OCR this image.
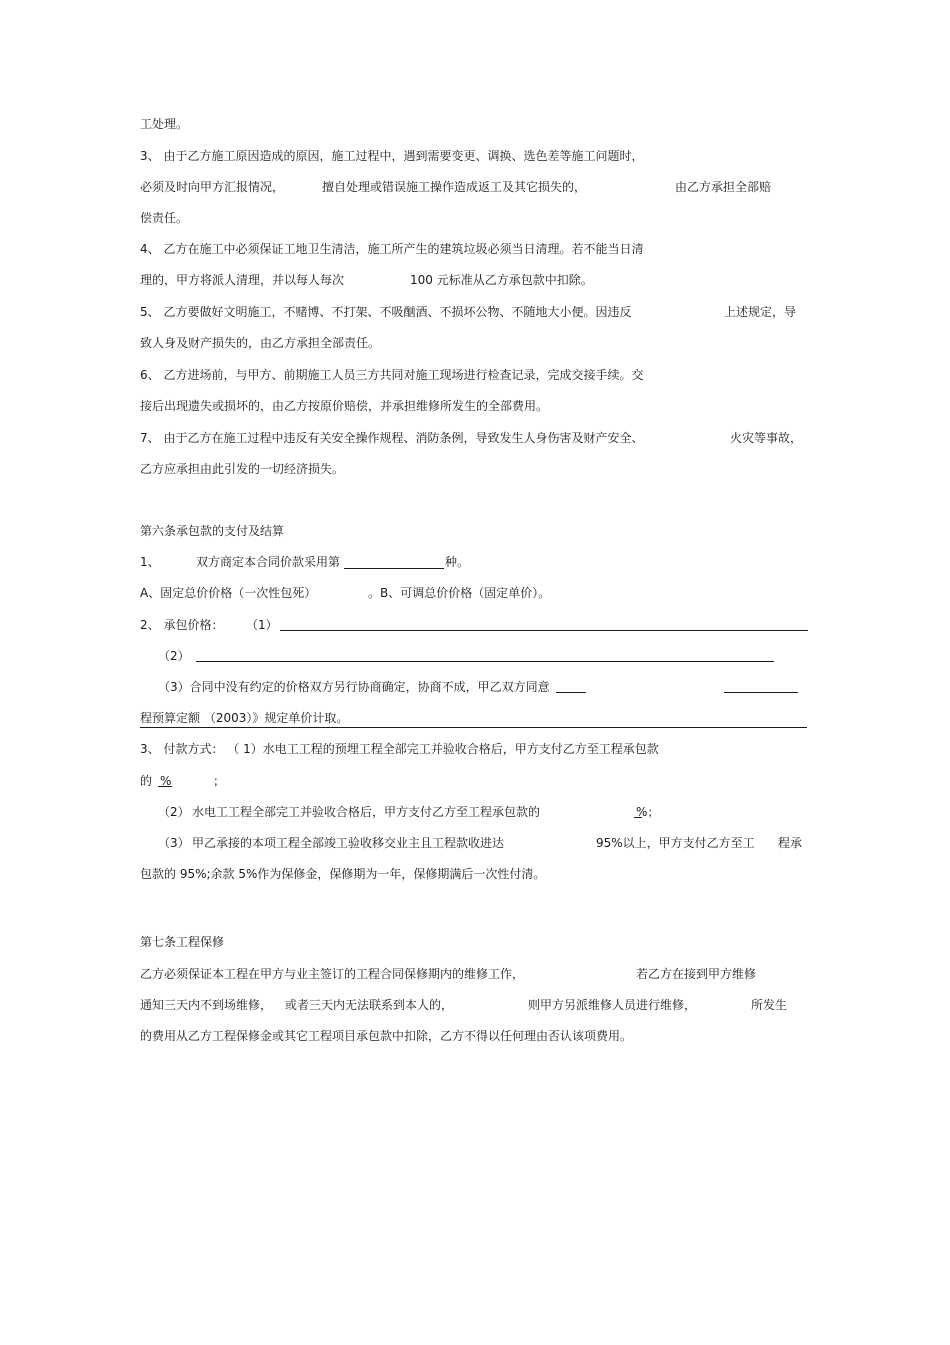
工处理。
3、 由于乙方施工原因造成的原因，施工过程中，遇到需要变更、调换、选色差等施工问题时，
必须及时向甲方汇报情况，	擅自处理或错误施工操作造成返工及其它损失的，	由乙方承担全部赔
偿责任。
4、 乙方在施工中必须保证工地卫生清洁，施工所产生的建筑垃圾必须当日清理。若不能当日清
理的，甲方将派人清理，并以每人每次	100 元标准从乙方承包款中扣除。
5、 乙方要做好文明施工，不赌博、不打架、不吸酗酒、不损坏公物、不随地大小便。因违反	上述规定，导
致人身及财产损失的，由乙方承担全部责任。
6、 乙方进场前，与甲方、前期施工人员三方共同对施工现场进行检查记录，完成交接手续。交
接后出现遗失或损坏的，由乙方按原价赔偿，并承担维修所发生的全部费用。
7、 由于乙方在施工过程中违反有关安全操作规程、消防条例，导致发生人身伤害及财产安全、	火灾等事故，
乙方应承担由此引发的一切经济损失。
第六条承包款的支付及结算
1、	双方商定本合同价款采用第	种。
A、固定总价价格（一次性包死）	。B、可调总价价格（固定单价）。
2、 承包价格： （1）
（2）
（3）合同中没有约定的价格双方另行协商确定，协商不成，甲乙双方同意
程预算定额 （2003）》规定单价计取。
3、 付款方式： （ 1）水电工工程的预埋工程全部完工并验收合格后，甲方支付乙方至工程承包款
的 %	；
（2） 水电工工程全部完工并验收合格后，甲方支付乙方至工程承包款的	%；
（3） 甲乙承接的本项工程全部竣工验收移交业主且工程款收进达	95%以上，甲方支付乙方至工 程承
包款的 95%;余款 5%作为保修金，保修期为一年，保修期满后一次性付清。
第七条工程保修
乙方必须保证本工程在甲方与业主签订的工程合同保修期内的维修工作，	若乙方在接到甲方维修
通知三天内不到场维修， 或者三天内无法联系到本人的，	则甲方另派维修人员进行维修，	所发生
的费用从乙方工程保修金或其它工程项目承包款中扣除，乙方不得以任何理由否认该项费用。
